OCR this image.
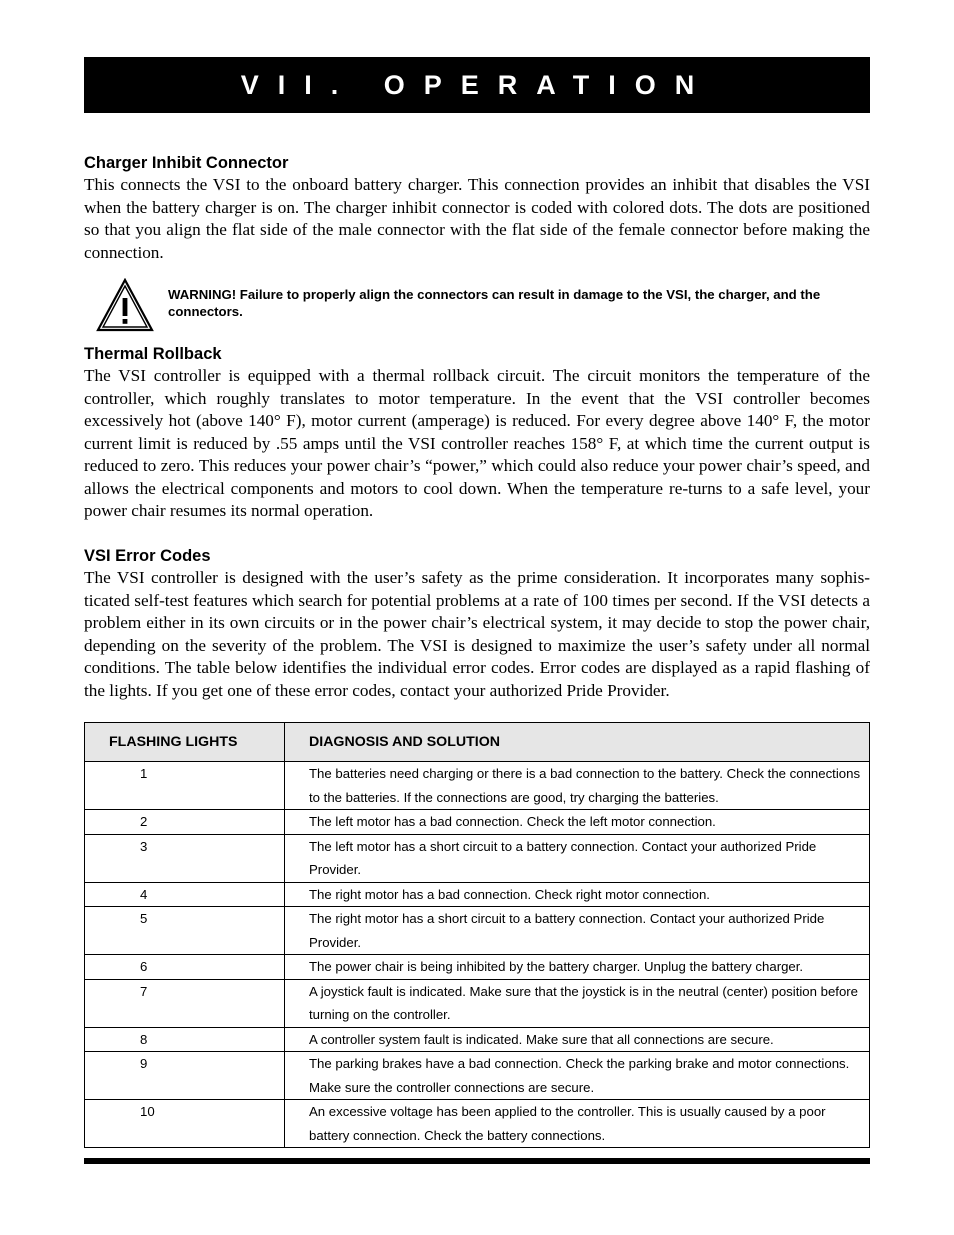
VII. OPERATION
Charger Inhibit Connector

This connects the VSI to the onboard battery charger. This connection provides an inhibit that disables the VSI when the battery charger is on. The charger inhibit connector is coded with colored dots. The dots are positioned so that you align the flat side of the male connector with the flat side of the female connector before making the connection.

WARNING! Failure to properly align the connectors can result in damage to the VSI, the charger, and the connectors.
Thermal Rollback

The VSI controller is equipped with a thermal rollback circuit. The circuit monitors the temperature of the controller, which roughly translates to motor temperature. In the event that the VSI controller becomes excessively hot (above 140° F), motor current (amperage) is reduced. For every degree above 140° F, the motor current limit is reduced by .55 amps until the VSI controller reaches 158° F, at which time the current output is reduced to zero. This reduces your power chair’s “power,” which could also reduce your power chair’s speed, and allows the electrical components and motors to cool down. When the temperature re-turns to a safe level, your power chair resumes its normal operation.

VSI Error Codes

The VSI controller is designed with the user’s safety as the prime consideration. It incorporates many sophis-ticated self-test features which search for potential problems at a rate of 100 times per second. If the VSI detects a problem either in its own circuits or in the power chair’s electrical system, it may decide to stop the power chair, depending on the severity of the problem. The VSI is designed to maximize the user’s safety under all normal conditions. The table below identifies the individual error codes. Error codes are displayed as a rapid flashing of the lights. If you get one of these error codes, contact your authorized Pride Provider.

FLASHING LIGHTS	DIAGNOSIS AND SOLUTION
1	The batteries need charging or there is a bad connection to the battery. Check the connections to the batteries. If the connections are good, try charging the batteries.
2	The left motor has a bad connection. Check the left motor connection.
3	The left motor has a short circuit to a battery connection. Contact your authorized Pride Provider.
4	The right motor has a bad connection. Check right motor connection.
5	The right motor has a short circuit to a battery connection. Contact your authorized Pride Provider.
6	The power chair is being inhibited by the battery charger. Unplug the battery charger.
7	A joystick fault is indicated. Make sure that the joystick is in the neutral (center) position before turning on the controller.
8	A controller system fault is indicated. Make sure that all connections are secure.
9	The parking brakes have a bad connection. Check the parking brake and motor connections. Make sure the controller connections are secure.
10	An excessive voltage has been applied to the controller. This is usually caused by a poor battery connection. Check the battery connections.
